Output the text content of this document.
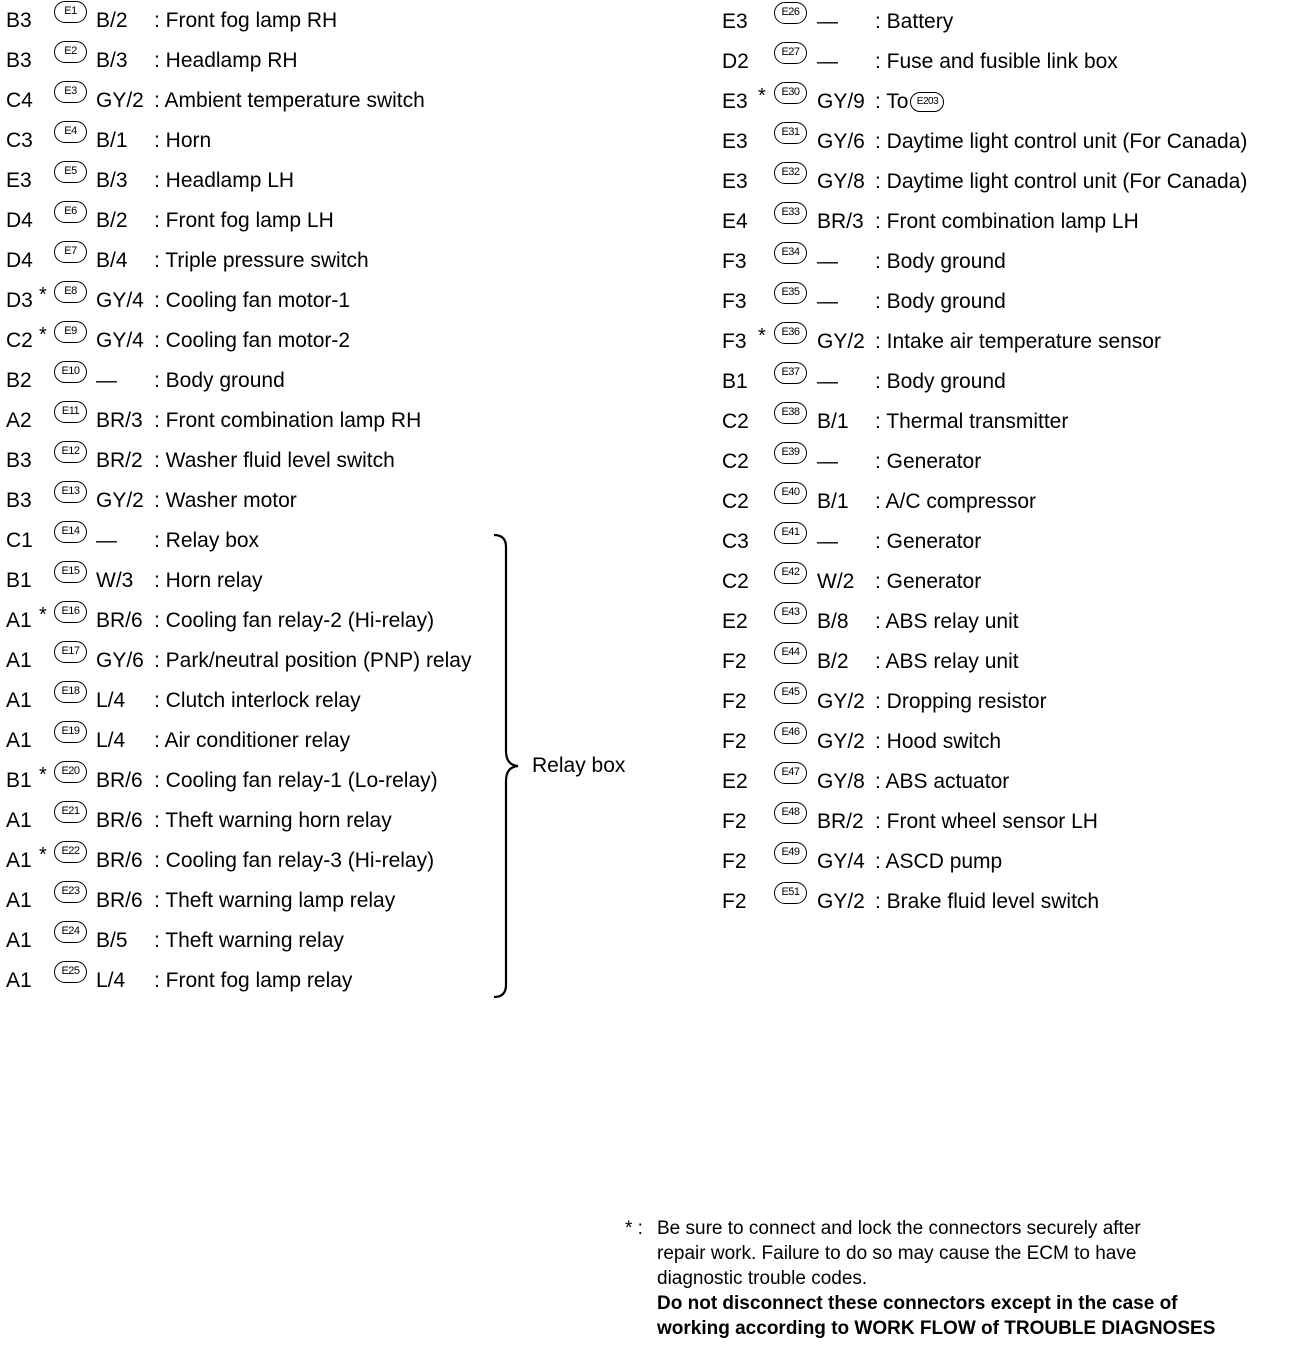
B3	E1 B/2 : Front fog lamp RH
B3	E2 B/3 : Headlamp RH
C4	E3 GY/2 : Ambient temperature switch
C3	E4 B/1 : Horn
E3	E5 B/3 : Headlamp LH
D4	E6 B/2 : Front fog lamp LH
D4	E7 B/4 : Triple pressure switch
D3 *	E8 GY/4 : Cooling fan motor-1
C2 *	E9 GY/4 : Cooling fan motor-2
B2	E10 — : Body ground
A2	E11 BR/3 : Front combination lamp RH
B3	E12 BR/2 : Washer fluid level switch
B3	E13 GY/2 : Washer motor
C1	E14 — : Relay box
B1	E15 W/3 : Horn relay
A1 *	E16 BR/6 : Cooling fan relay-2 (Hi-relay)
A1	E17 GY/6 : Park/neutral position (PNP) relay
A1	E18 L/4 : Clutch interlock relay
A1	E19 L/4 : Air conditioner relay
B1 *	E20 BR/6 : Cooling fan relay-1 (Lo-relay)
A1	E21 BR/6 : Theft warning horn relay
A1 *	E22 BR/6 : Cooling fan relay-3 (Hi-relay)
A1	E23 BR/6 : Theft warning lamp relay
A1	E24 B/5 : Theft warning relay
A1	E25 L/4 : Front fog lamp relay
E3	E26 — : Battery
D2	E27 — : Fuse and fusible link box
E3 *	E30 GY/9 : To E203
E3	E31 GY/6 : Daytime light control unit (For Canada)
E3	E32 GY/8 : Daytime light control unit (For Canada)
E4	E33 BR/3 : Front combination lamp LH
F3	E34 — : Body ground
F3	E35 — : Body ground
F3 *	E36 GY/2 : Intake air temperature sensor
B1	E37 — : Body ground
C2	E38 B/1 : Thermal transmitter
C2	E39 — : Generator
C2	E40 B/1 : A/C compressor
C3	E41 — : Generator
C2	E42 W/2 : Generator
E2	E43 B/8 : ABS relay unit
F2	E44 B/2 : ABS relay unit
F2	E45 GY/2 : Dropping resistor
F2	E46 GY/2 : Hood switch
E2	E47 GY/8 : ABS actuator
F2	E48 BR/2 : Front wheel sensor LH
F2	E49 GY/4 : ASCD pump
F2	E51 GY/2 : Brake fluid level switch
Relay box
* : Be sure to connect and lock the connectors securely after
repair work. Failure to do so may cause the ECM to have
diagnostic trouble codes.
Do not disconnect these connectors except in the case of
working according to WORK FLOW of TROUBLE DIAGNOSES
